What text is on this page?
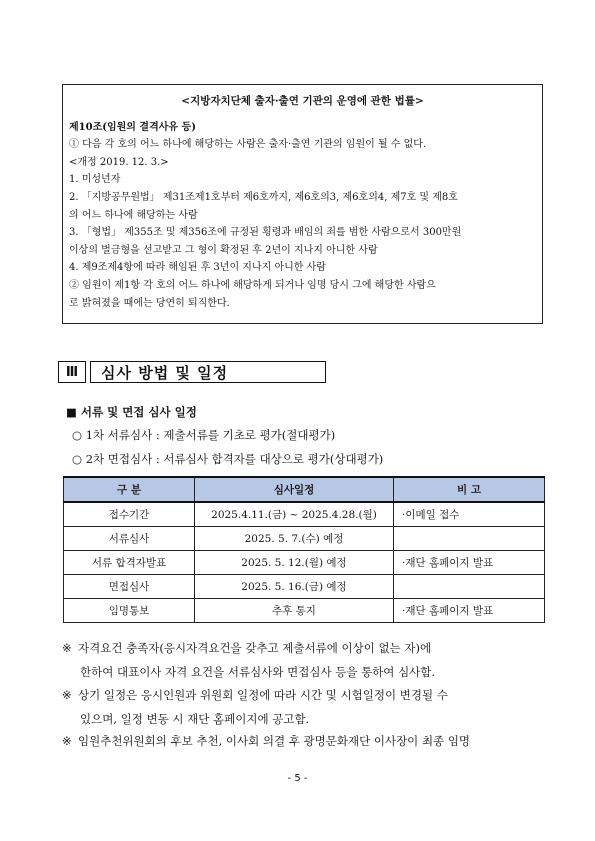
<지방자치단체 출자·출연 기관의 운영에 관한 법률>
제10조(임원의 결격사유 등)
① 다음 각 호의 어느 하나에 해당하는 사람은 출자·출연 기관의 임원이 될 수 없다.
<개정 2019. 12. 3.>
1. 미성년자
2. 「지방공무원법」 제31조제1호부터 제6호까지, 제6호의3, 제6호의4, 제7호 및 제8호
의 어느 하나에 해당하는 사람
3. 「형법」 제355조 및 제356조에 규정된 횡령과 배임의 죄를 범한 사람으로서 300만원
이상의 벌금형을 선고받고 그 형이 확정된 후 2년이 지나지 아니한 사람
4. 제9조제4항에 따라 해임된 후 3년이 지나지 아니한 사람
② 임원이 제1항 각 호의 어느 하나에 해당하게 되거나 임명 당시 그에 해당한 사람으
로 밝혀졌을 때에는 당연히 퇴직한다.
Ⅲ	심사 방법 및 일정
■ 서류 및 면접 심사 일정
○ 1차 서류심사 : 제출서류를 기초로 평가(절대평가)
○ 2차 면접심사 : 서류심사 합격자를 대상으로 평가(상대평가)
구 분	심사일정	비 고
접수기간	2025.4.11.(금) ~ 2025.4.28.(월)	·이메일 접수
서류심사	2025. 5. 7.(수) 예정	
서류 합격자발표	2025. 5. 12.(월) 예정	·재단 홈페이지 발표
면접심사	2025. 5. 16.(금) 예정	
임명통보	추후 통지	·재단 홈페이지 발표
※ 자격요건 충족자(응시자격요건을 갖추고 제출서류에 이상이 없는 자)에
한하여 대표이사 자격 요건을 서류심사와 면접심사 등을 통하여 심사함.
※ 상기 일정은 응시인원과 위원회 일정에 따라 시간 및 시험일정이 변경될 수
있으며, 일정 변동 시 재단 홈페이지에 공고함.
※ 임원추천위원회의 후보 추천, 이사회 의결 후 광명문화재단 이사장이 최종 임명
- 5 -
